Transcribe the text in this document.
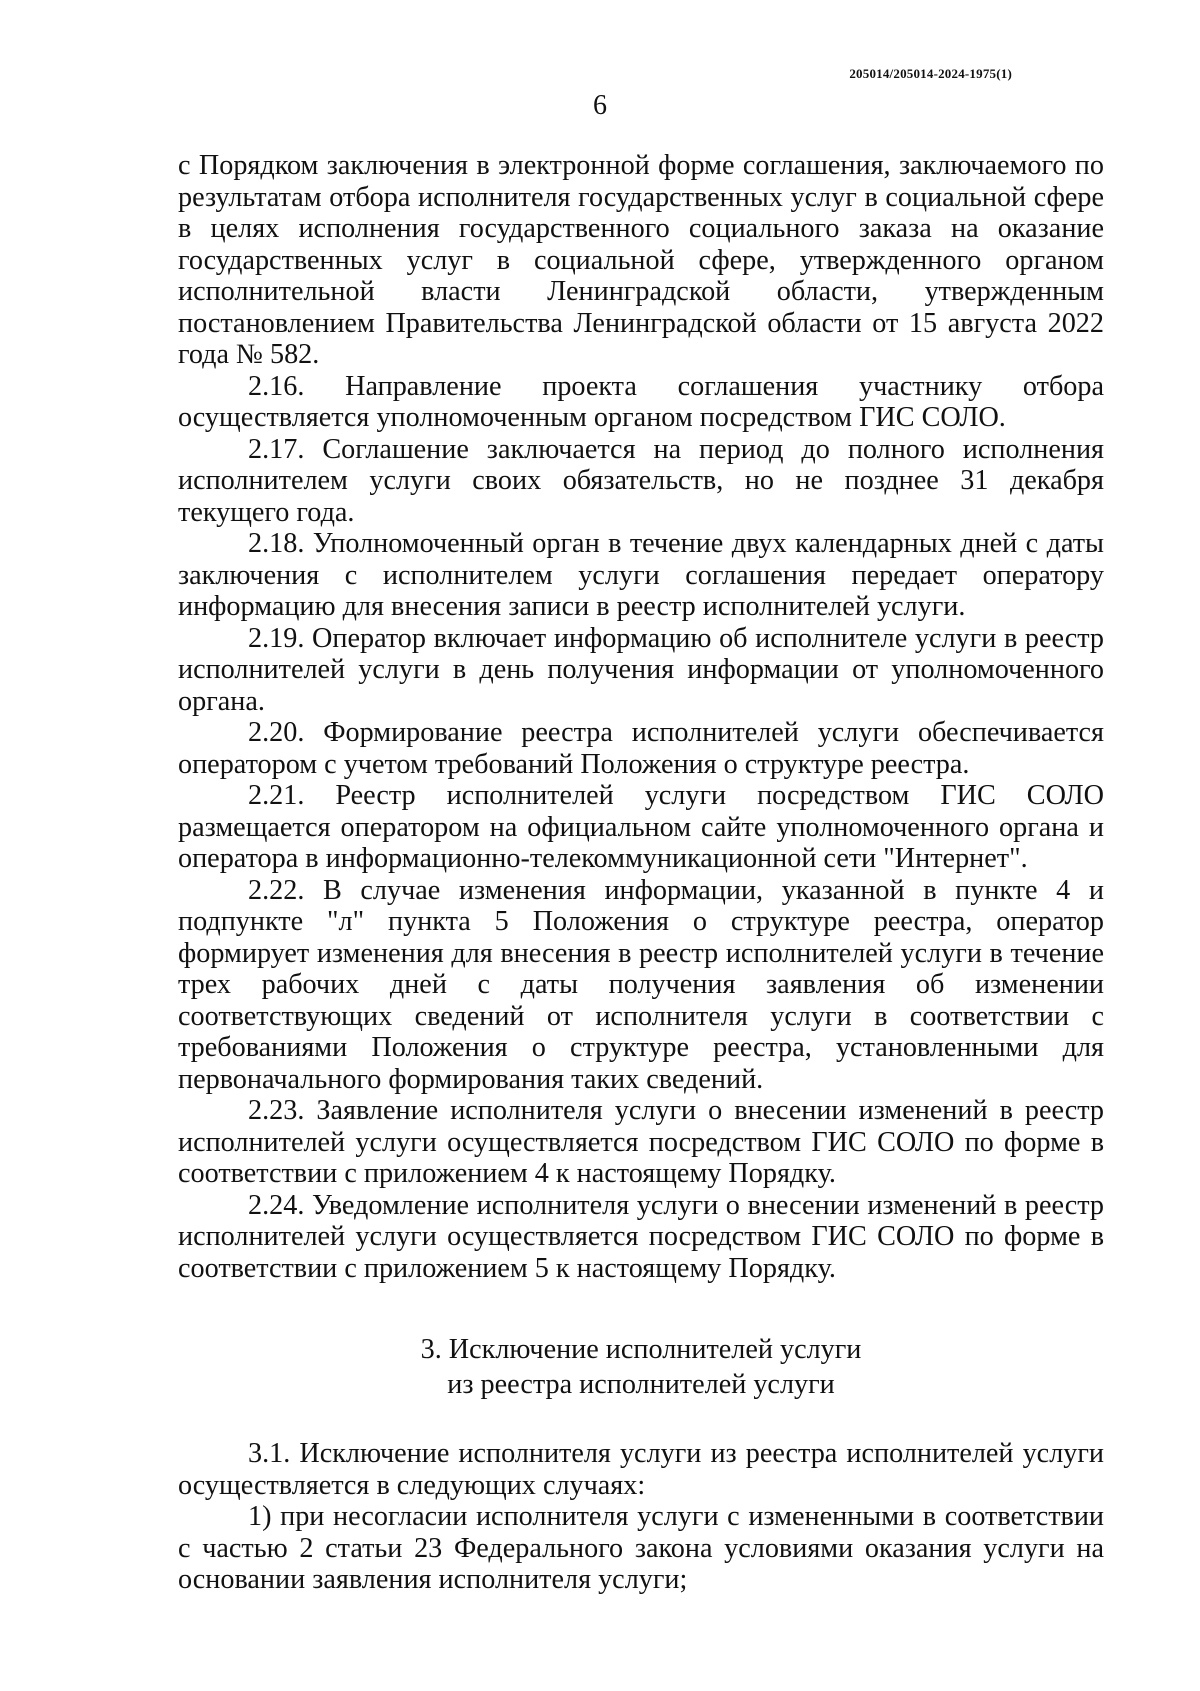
205014/205014-2024-1975(1)
6

с Порядком заключения в электронной форме соглашения, заключаемого по результатам отбора исполнителя государственных услуг в социальной сфере в целях исполнения государственного социального заказа на оказание государственных услуг в социальной сфере, утвержденного органом исполнительной власти Ленинградской области, утвержденным постановлением Правительства Ленинградской области от 15 августа 2022 года № 582.

2.16. Направление проекта соглашения участнику отбора осуществляется уполномоченным органом посредством ГИС СОЛО.

2.17. Соглашение заключается на период до полного исполнения исполнителем услуги своих обязательств, но не позднее 31 декабря текущего года.

2.18. Уполномоченный орган в течение двух календарных дней с даты заключения с исполнителем услуги соглашения передает оператору информацию для внесения записи в реестр исполнителей услуги.

2.19. Оператор включает информацию об исполнителе услуги в реестр исполнителей услуги в день получения информации от уполномоченного органа.

2.20. Формирование реестра исполнителей услуги обеспечивается оператором с учетом требований Положения о структуре реестра.

2.21. Реестр исполнителей услуги посредством ГИС СОЛО размещается оператором на официальном сайте уполномоченного органа и оператора в информационно-телекоммуникационной сети "Интернет".

2.22. В случае изменения информации, указанной в пункте 4 и подпункте "л" пункта 5 Положения о структуре реестра, оператор формирует изменения для внесения в реестр исполнителей услуги в течение трех рабочих дней с даты получения заявления об изменении соответствующих сведений от исполнителя услуги в соответствии с требованиями Положения о структуре реестра, установленными для первоначального формирования таких сведений.

2.23. Заявление исполнителя услуги о внесении изменений в реестр исполнителей услуги осуществляется посредством ГИС СОЛО по форме в соответствии с приложением 4 к настоящему Порядку.

2.24. Уведомление исполнителя услуги о внесении изменений в реестр исполнителей услуги осуществляется посредством ГИС СОЛО по форме в соответствии с приложением 5 к настоящему Порядку.

3. Исключение исполнителей услуги
из реестра исполнителей услуги

3.1. Исключение исполнителя услуги из реестра исполнителей услуги осуществляется в следующих случаях:

1) при несогласии исполнителя услуги с измененными в соответствии с частью 2 статьи 23 Федерального закона условиями оказания услуги на основании заявления исполнителя услуги;
